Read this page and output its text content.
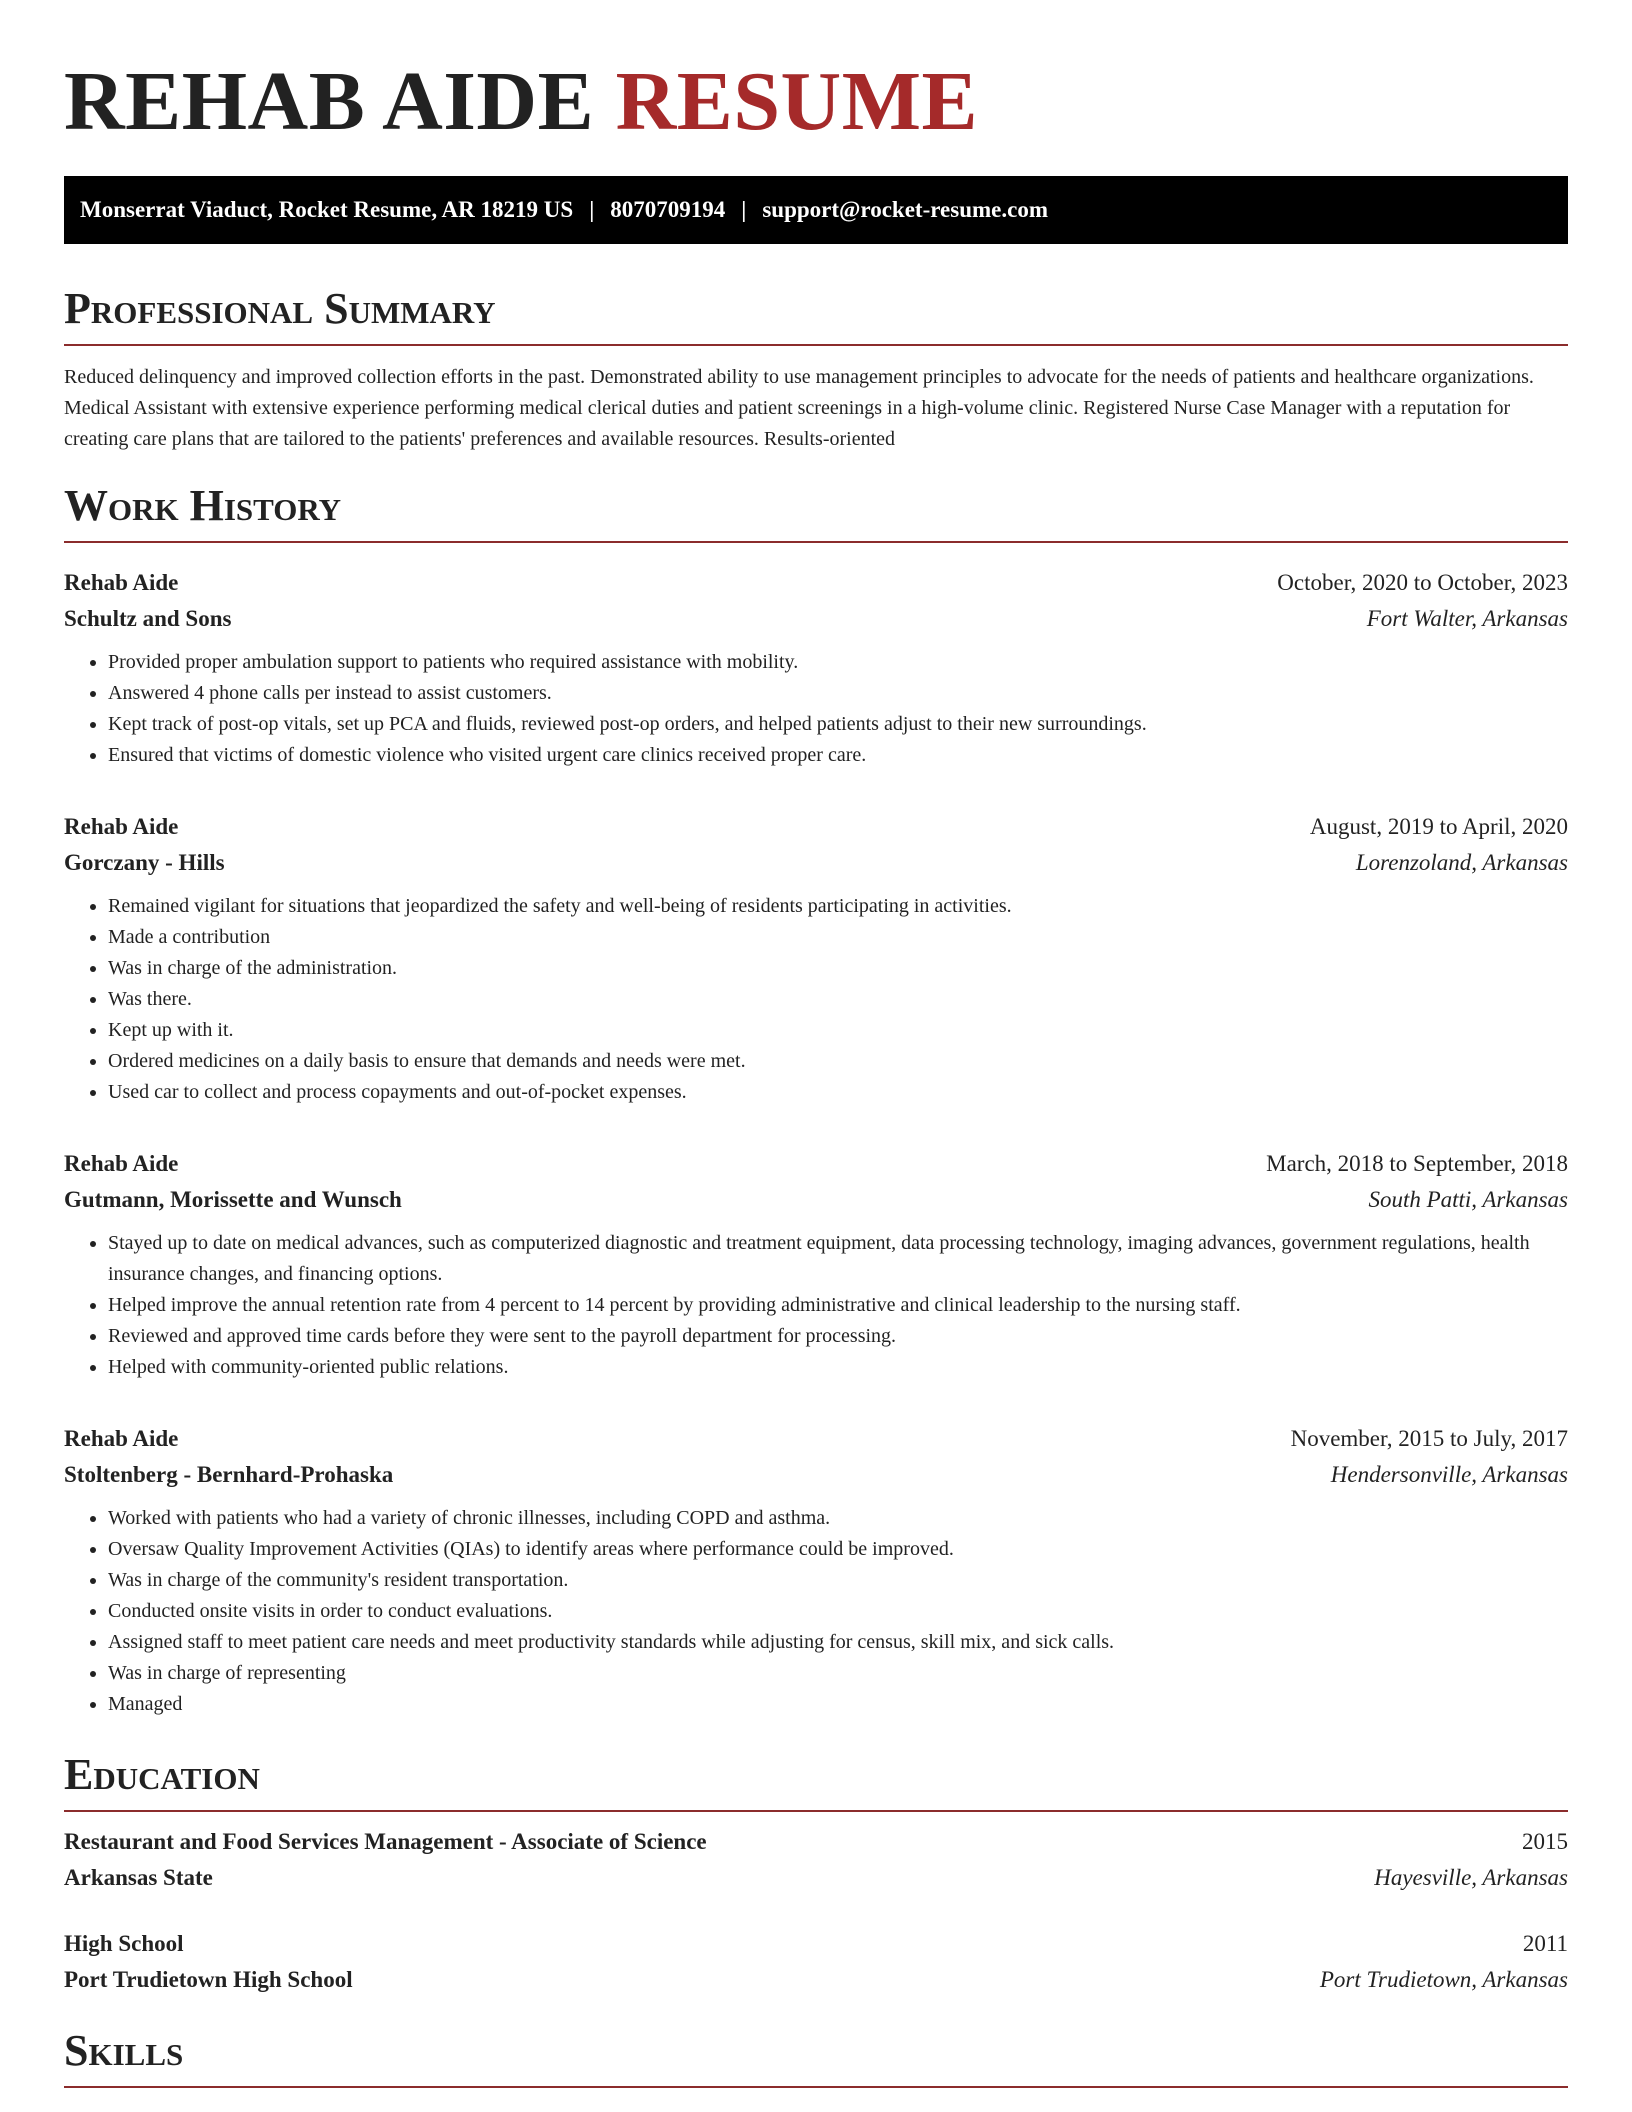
REHAB AIDE RESUME
Monserrat Viaduct, Rocket Resume, AR 18219 US | 8070709194 | support@rocket-resume.com
Professional Summary

Reduced delinquency and improved collection efforts in the past. Demonstrated ability to use management principles to advocate for the needs of patients and healthcare organizations. Medical Assistant with extensive experience performing medical clerical duties and patient screenings in a high-volume clinic. Registered Nurse Case Manager with a reputation for creating care plans that are tailored to the patients' preferences and available resources. Results-oriented

Work History
Rehab Aide	October, 2020 to October, 2023
Schultz and Sons	Fort Walter, Arkansas
• Provided proper ambulation support to patients who required assistance with mobility.
• Answered 4 phone calls per instead to assist customers.
• Kept track of post-op vitals, set up PCA and fluids, reviewed post-op orders, and helped patients adjust to their new surroundings.
• Ensured that victims of domestic violence who visited urgent care clinics received proper care.
Rehab Aide	August, 2019 to April, 2020
Gorczany - Hills	Lorenzoland, Arkansas
• Remained vigilant for situations that jeopardized the safety and well-being of residents participating in activities.
• Made a contribution
• Was in charge of the administration.
• Was there.
• Kept up with it.
• Ordered medicines on a daily basis to ensure that demands and needs were met.
• Used car to collect and process copayments and out-of-pocket expenses.
Rehab Aide	March, 2018 to September, 2018
Gutmann, Morissette and Wunsch	South Patti, Arkansas
• Stayed up to date on medical advances, such as computerized diagnostic and treatment equipment, data processing technology, imaging advances, government regulations, health insurance changes, and financing options.
• Helped improve the annual retention rate from 4 percent to 14 percent by providing administrative and clinical leadership to the nursing staff.
• Reviewed and approved time cards before they were sent to the payroll department for processing.
• Helped with community-oriented public relations.
Rehab Aide	November, 2015 to July, 2017
Stoltenberg - Bernhard-Prohaska	Hendersonville, Arkansas
• Worked with patients who had a variety of chronic illnesses, including COPD and asthma.
• Oversaw Quality Improvement Activities (QIAs) to identify areas where performance could be improved.
• Was in charge of the community's resident transportation.
• Conducted onsite visits in order to conduct evaluations.
• Assigned staff to meet patient care needs and meet productivity standards while adjusting for census, skill mix, and sick calls.
• Was in charge of representing
• Managed
Education
Restaurant and Food Services Management - Associate of Science	2015
Arkansas State	Hayesville, Arkansas
High School	2011
Port Trudietown High School	Port Trudietown, Arkansas
Skills
